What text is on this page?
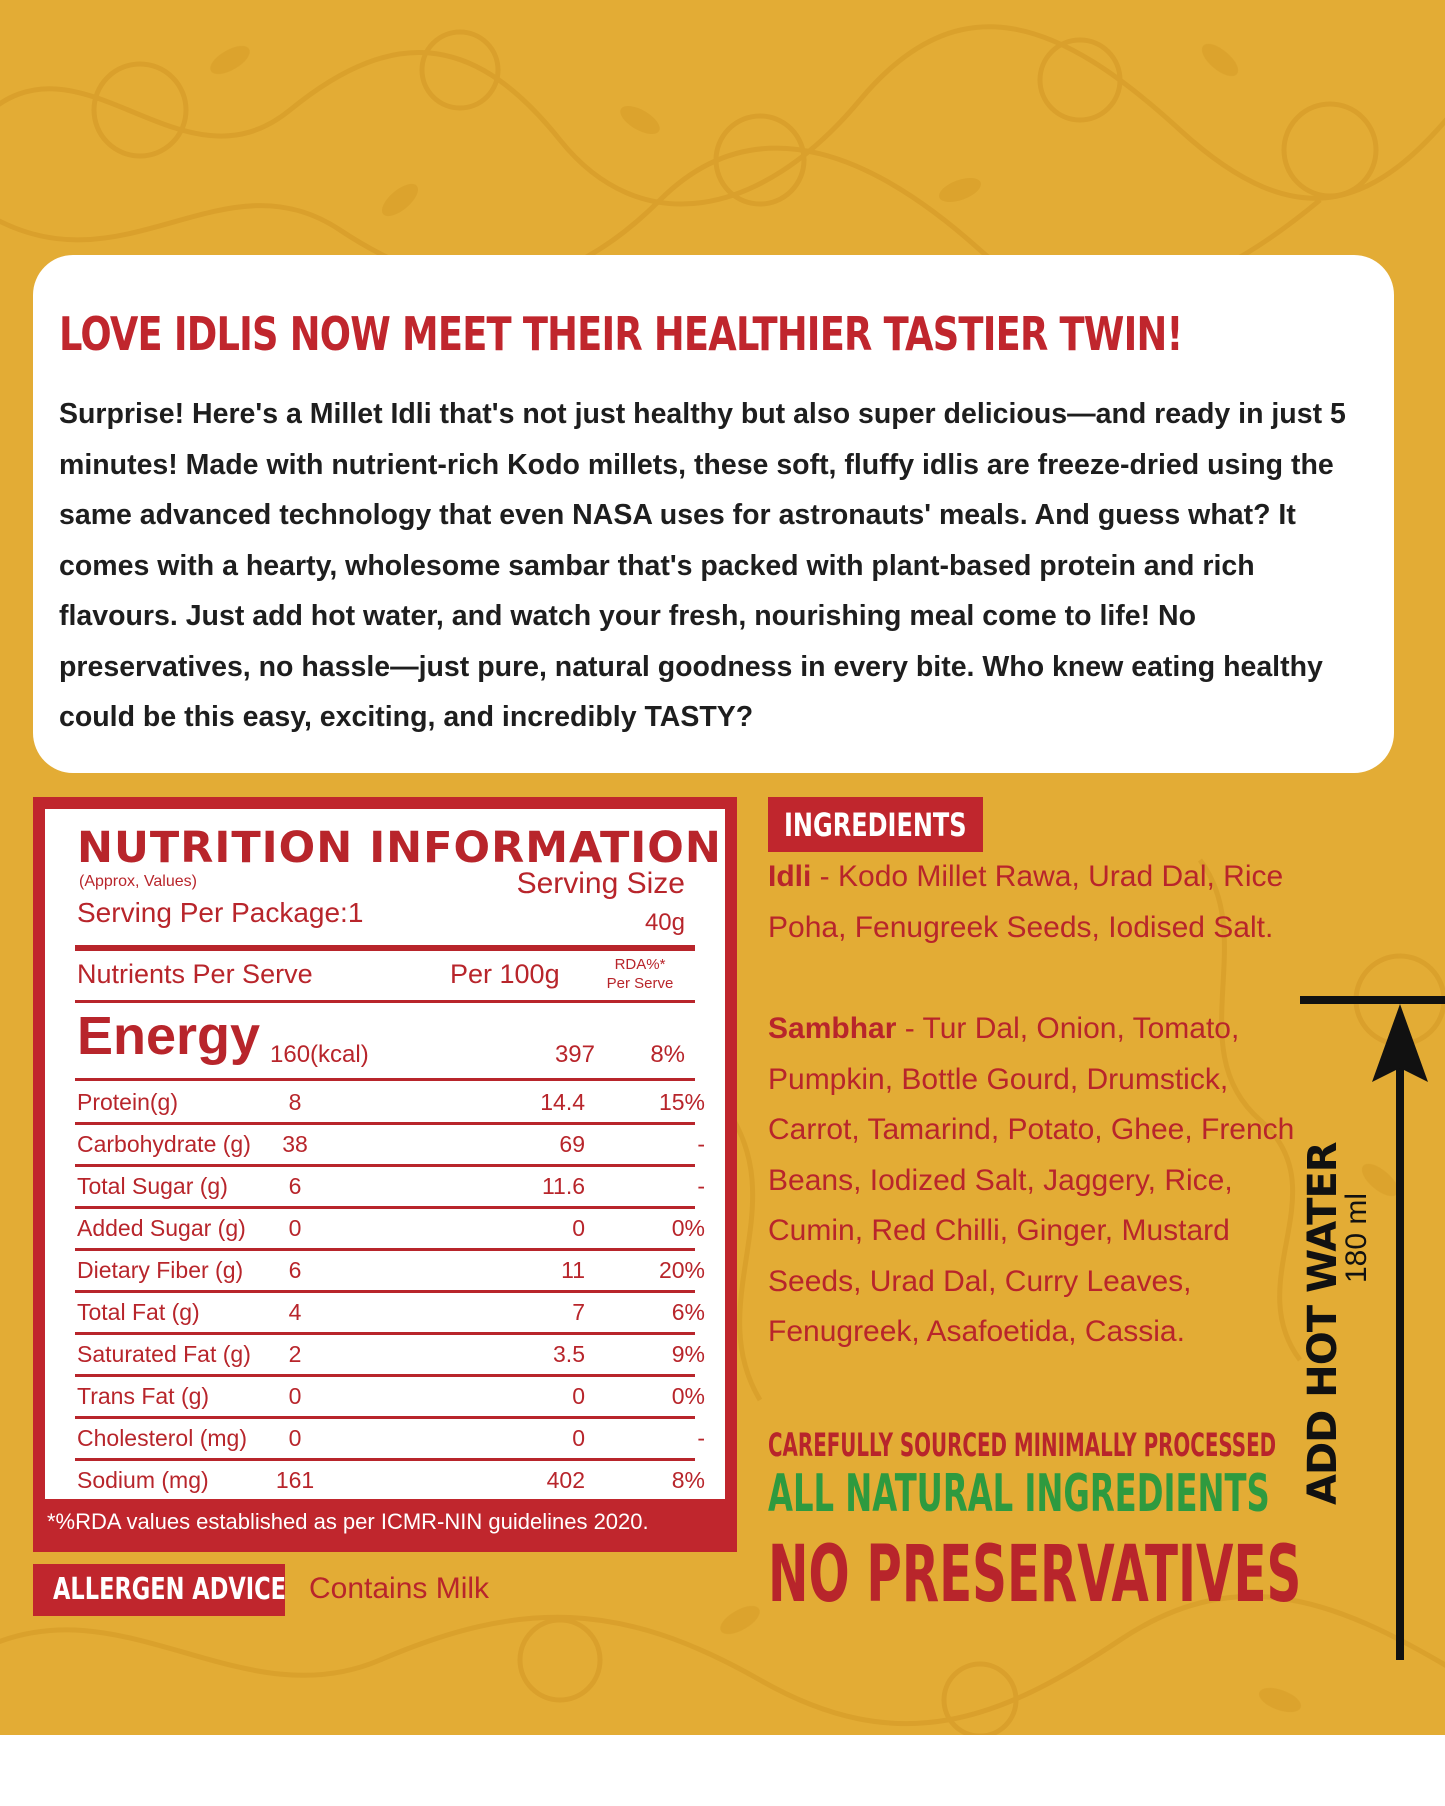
LOVE IDLIS NOW MEET THEIR HEALTHIER TASTIER TWIN!

Surprise! Here's a Millet Idli that's not just healthy but also super delicious—and ready in just 5 minutes! Made with nutrient-rich Kodo millets, these soft, fluffy idlis are freeze-dried using the same advanced technology that even NASA uses for astronauts' meals. And guess what? It comes with a hearty, wholesome sambar that's packed with plant-based protein and rich flavours. Just add hot water, and watch your fresh, nourishing meal come to life! No preservatives, no hassle—just pure, natural goodness in every bite. Who knew eating healthy could be this easy, exciting, and incredibly TASTY?

NUTRITION INFORMATION
(Approx, Values)
Serving Per Package:1
Serving Size
40g
Nutrients Per Serve	Per 100g	RDA%*
Per Serve
Energy 160(kcal)	397	8%
Protein(g)	8	14.4	15%
Carbohydrate (g)	38	69	-
Total Sugar (g)	6	11.6	-
Added Sugar (g)	0	0	0%
Dietary Fiber (g)	6	11	20%
Total Fat (g)	4	7	6%
Saturated Fat (g)	2	3.5	9%
Trans Fat (g)	0	0	0%
Cholesterol (mg)	0	0	-
Sodium (mg)	161	402	8%
*%RDA values established as per ICMR-NIN guidelines 2020.
ALLERGEN ADVICE Contains Milk
INGREDIENTS

Idli - Kodo Millet Rawa, Urad Dal, Rice Poha, Fenugreek Seeds, Iodised Salt.

Sambhar - Tur Dal, Onion, Tomato, Pumpkin, Bottle Gourd, Drumstick, Carrot, Tamarind, Potato, Ghee, French Beans, Iodized Salt, Jaggery, Rice, Cumin, Red Chilli, Ginger, Mustard Seeds, Urad Dal, Curry Leaves, Fenugreek, Asafoetida, Cassia.

CAREFULLY SOURCED MINIMALLY PROCESSED
ALL NATURAL INGREDIENTS
NO PRESERVATIVES
180 ml
ADD HOT WATER
